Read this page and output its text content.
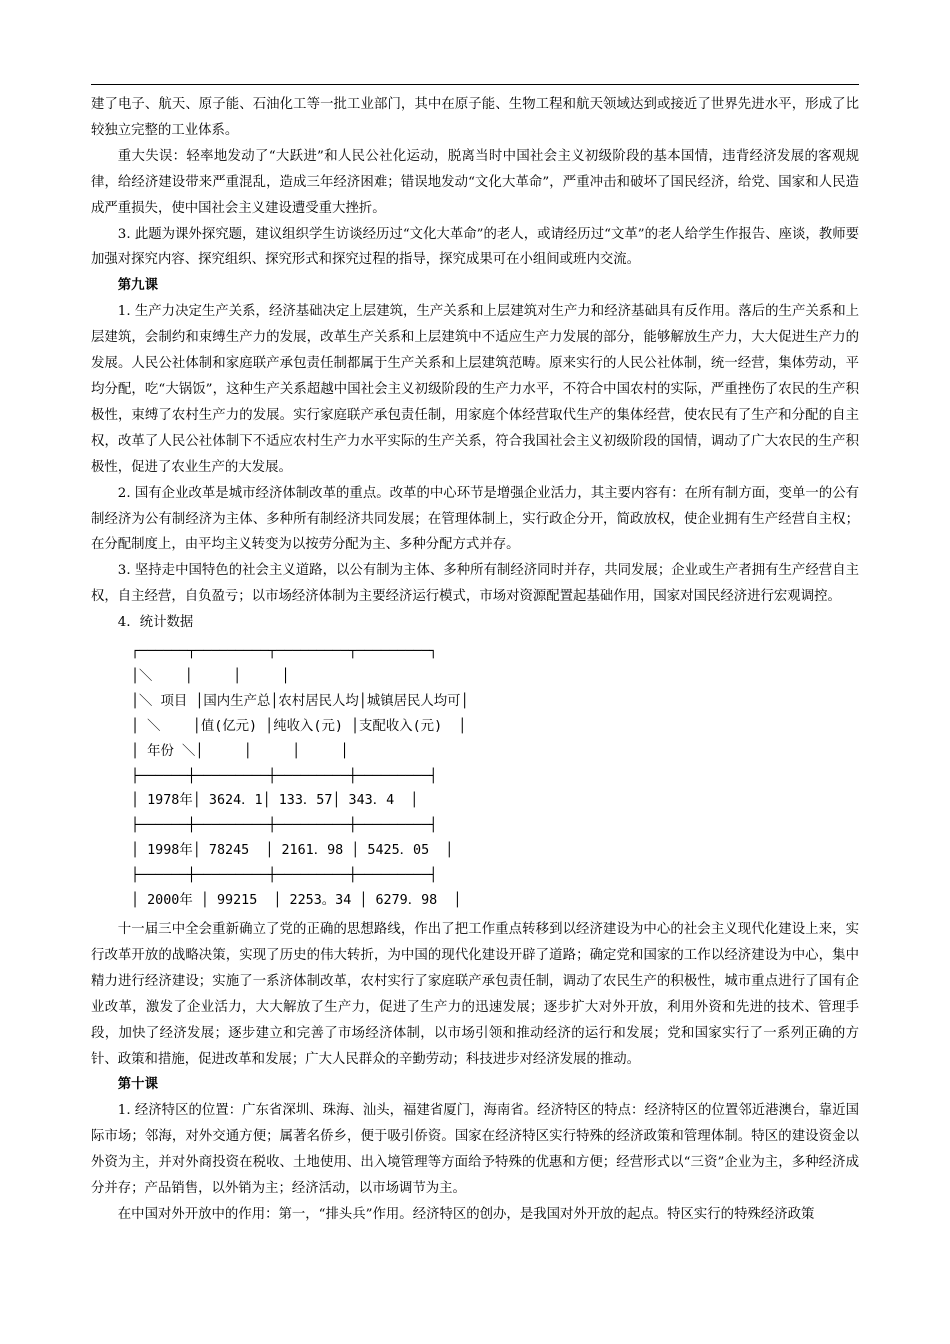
建了电子、航天、原子能、石油化工等一批工业部门，其中在原子能、生物工程和航天领域达到或接近了世界先进水平，形成了比较独立完整的工业体系。

重大失误：轻率地发动了“大跃进”和人民公社化运动，脱离当时中国社会主义初级阶段的基本国情，违背经济发展的客观规律，给经济建设带来严重混乱，造成三年经济困难；错误地发动“文化大革命”，严重冲击和破坏了国民经济，给党、国家和人民造成严重损失，使中国社会主义建设遭受重大挫折。

3. 此题为课外探究题，建议组织学生访谈经历过“文化大革命”的老人，或请经历过“文革”的老人给学生作报告、座谈，教师要加强对探究内容、探究组织、探究形式和探究过程的指导，探究成果可在小组间或班内交流。

第九课

1. 生产力决定生产关系，经济基础决定上层建筑，生产关系和上层建筑对生产力和经济基础具有反作用。落后的生产关系和上层建筑，会制约和束缚生产力的发展，改革生产关系和上层建筑中不适应生产力发展的部分，能够解放生产力，大大促进生产力的发展。人民公社体制和家庭联产承包责任制都属于生产关系和上层建筑范畴。原来实行的人民公社体制，统一经营，集体劳动，平均分配，吃“大锅饭”，这种生产关系超越中国社会主义初级阶段的生产力水平，不符合中国农村的实际，严重挫伤了农民的生产积极性，束缚了农村生产力的发展。实行家庭联产承包责任制，用家庭个体经营取代生产的集体经营，使农民有了生产和分配的自主权，改革了人民公社体制下不适应农村生产力水平实际的生产关系，符合我国社会主义初级阶段的国情，调动了广大农民的生产积极性，促进了农业生产的大发展。

2. 国有企业改革是城市经济体制改革的重点。改革的中心环节是增强企业活力，其主要内容有：在所有制方面，变单一的公有制经济为公有制经济为主体、多种所有制经济共同发展；在管理体制上，实行政企分开，简政放权，使企业拥有生产经营自主权；在分配制度上，由平均主义转变为以按劳分配为主、多种分配方式并存。

3. 坚持走中国特色的社会主义道路，以公有制为主体、多种所有制经济同时并存，共同发展；企业或生产者拥有生产经营自主权，自主经营，自负盈亏；以市场经济体制为主要经济运行模式，市场对资源配置起基础作用，国家对国民经济进行宏观调控。

4．统计数据

┌──────┬─────────┬─────────┬─────────┐
│＼    │     │     │
│＼ 项目 │国内生产总│农村居民人均│城镇居民人均可│
│ ＼    │值(亿元) │纯收入(元) │支配收入(元)  │
│ 年份 ＼│     │     │     │
├──────┼─────────┼─────────┼─────────┤
│ 1978年│ 3624．1│ 133．57│ 343．4  │
├──────┼─────────┼─────────┼─────────┤
│ 1998年│ 78245  │ 2161．98 │ 5425．05  │
├──────┼─────────┼─────────┼─────────┤
│ 2000年 │ 99215  │ 2253。34 │ 6279．98  │

十一届三中全会重新确立了党的正确的思想路线，作出了把工作重点转移到以经济建设为中心的社会主义现代化建设上来，实行改革开放的战略决策，实现了历史的伟大转折，为中国的现代化建设开辟了道路；确定党和国家的工作以经济建设为中心，集中精力进行经济建设；实施了一系济体制改革，农村实行了家庭联产承包责任制，调动了农民生产的积极性，城市重点进行了国有企业改革，激发了企业活力，大大解放了生产力，促进了生产力的迅速发展；逐步扩大对外开放，利用外资和先进的技术、管理手段，加快了经济发展；逐步建立和完善了市场经济体制，以市场引领和推动经济的运行和发展；党和国家实行了一系列正确的方针、政策和措施，促进改革和发展；广大人民群众的辛勤劳动；科技进步对经济发展的推动。

第十课

1. 经济特区的位置：广东省深圳、珠海、汕头，福建省厦门，海南省。经济特区的特点：经济特区的位置邻近港澳台，靠近国际市场；邻海，对外交通方便；属著名侨乡，便于吸引侨资。国家在经济特区实行特殊的经济政策和管理体制。特区的建设资金以外资为主，并对外商投资在税收、土地使用、出入境管理等方面给予特殊的优惠和方便；经营形式以“三资”企业为主，多种经济成分并存；产品销售，以外销为主；经济活动，以市场调节为主。

在中国对外开放中的作用：第一，“排头兵”作用。经济特区的创办，是我国对外开放的起点。特区实行的特殊经济政策
